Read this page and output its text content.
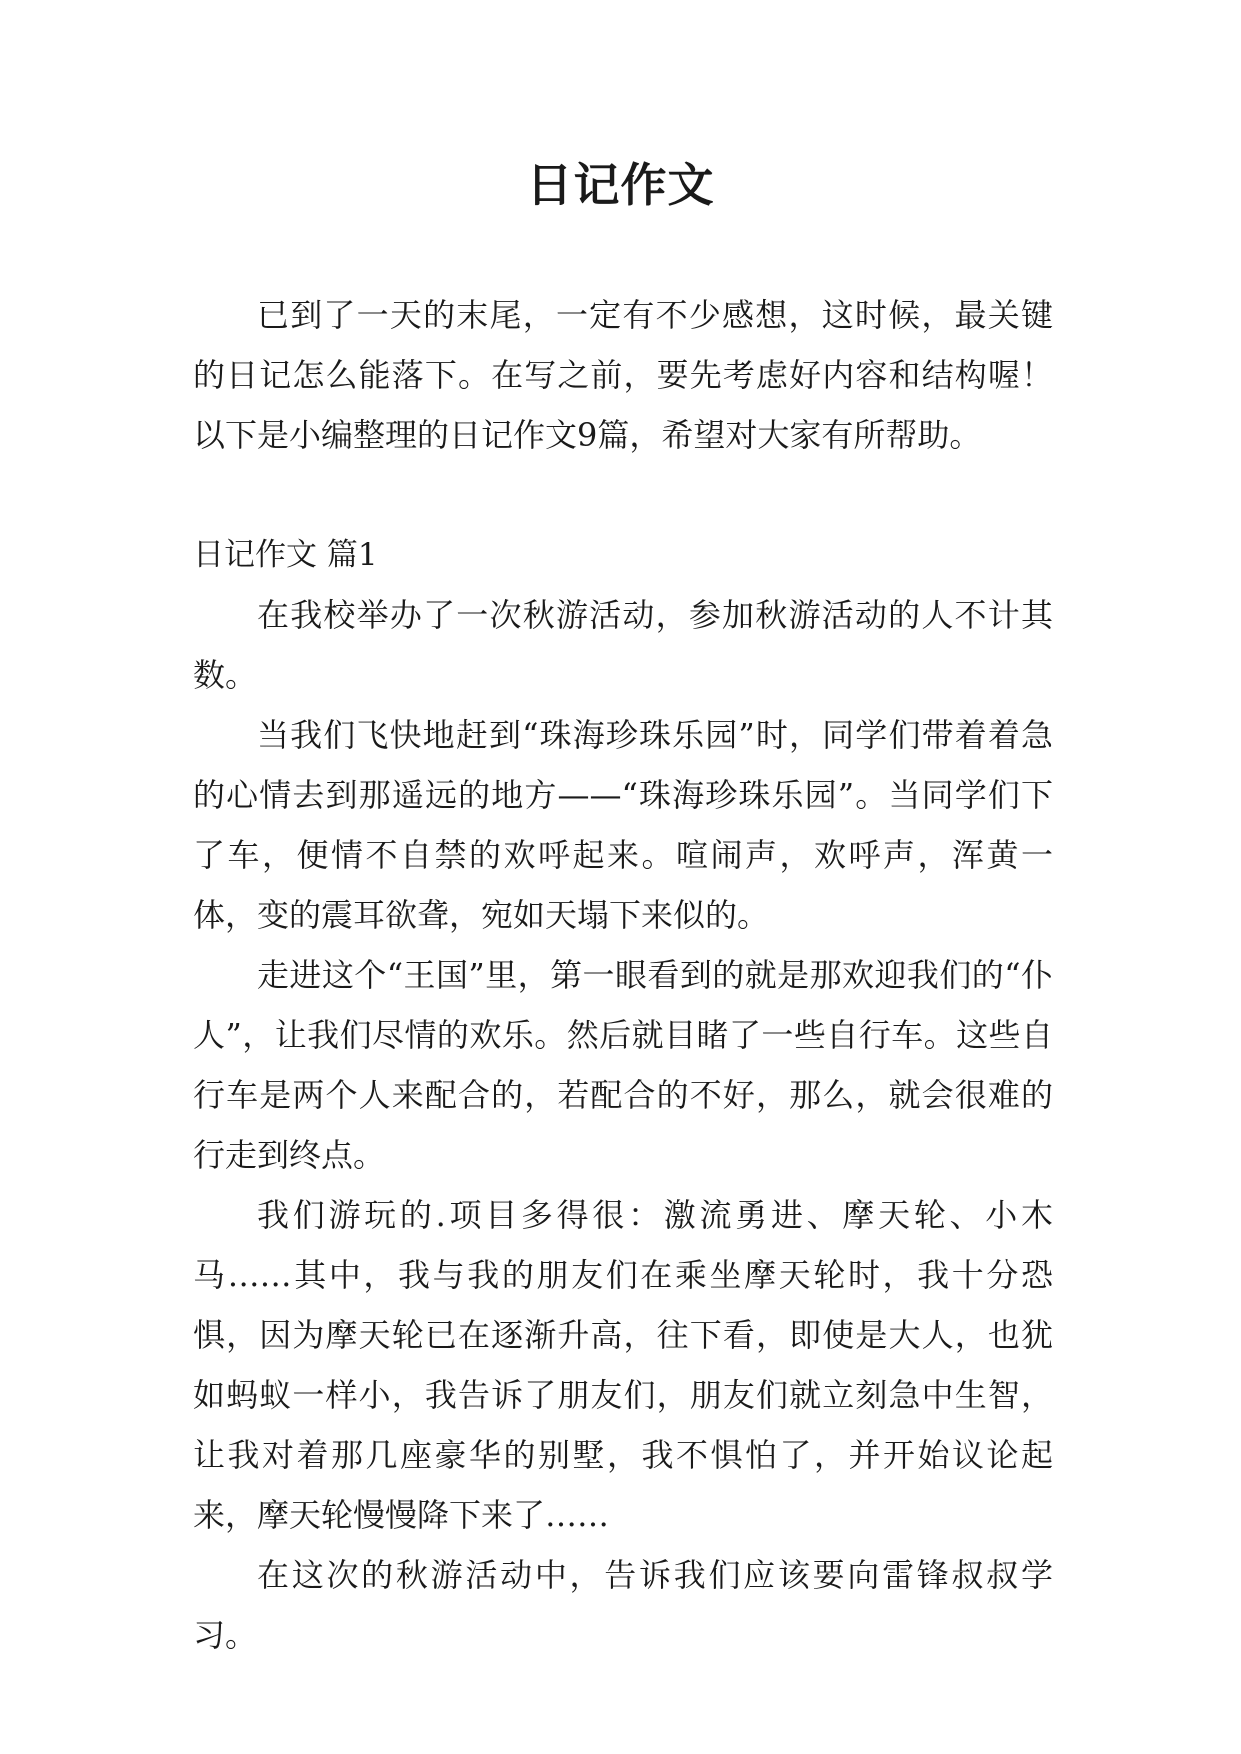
日记作文

已到了一天的末尾，一定有不少感想，这时候，最关键的日记怎么能落下。在写之前，要先考虑好内容和结构喔！以下是小编整理的日记作文9篇，希望对大家有所帮助。

日记作文 篇1

在我校举办了一次秋游活动，参加秋游活动的人不计其数。

当我们飞快地赶到“珠海珍珠乐园”时，同学们带着着急的心情去到那遥远的地方——“珠海珍珠乐园”。当同学们下了车，便情不自禁的欢呼起来。喧闹声，欢呼声，浑黄一体，变的震耳欲聋，宛如天塌下来似的。

走进这个“王国”里，第一眼看到的就是那欢迎我们的“仆人”，让我们尽情的欢乐。然后就目睹了一些自行车。这些自行车是两个人来配合的，若配合的不好，那么，就会很难的行走到终点。

我们游玩的.项目多得很：激流勇进、摩天轮、小木马……其中，我与我的朋友们在乘坐摩天轮时，我十分恐惧，因为摩天轮已在逐渐升高，往下看，即使是大人，也犹如蚂蚁一样小，我告诉了朋友们，朋友们就立刻急中生智，让我对着那几座豪华的别墅，我不惧怕了，并开始议论起来，摩天轮慢慢降下来了……

在这次的秋游活动中，告诉我们应该要向雷锋叔叔学习。
